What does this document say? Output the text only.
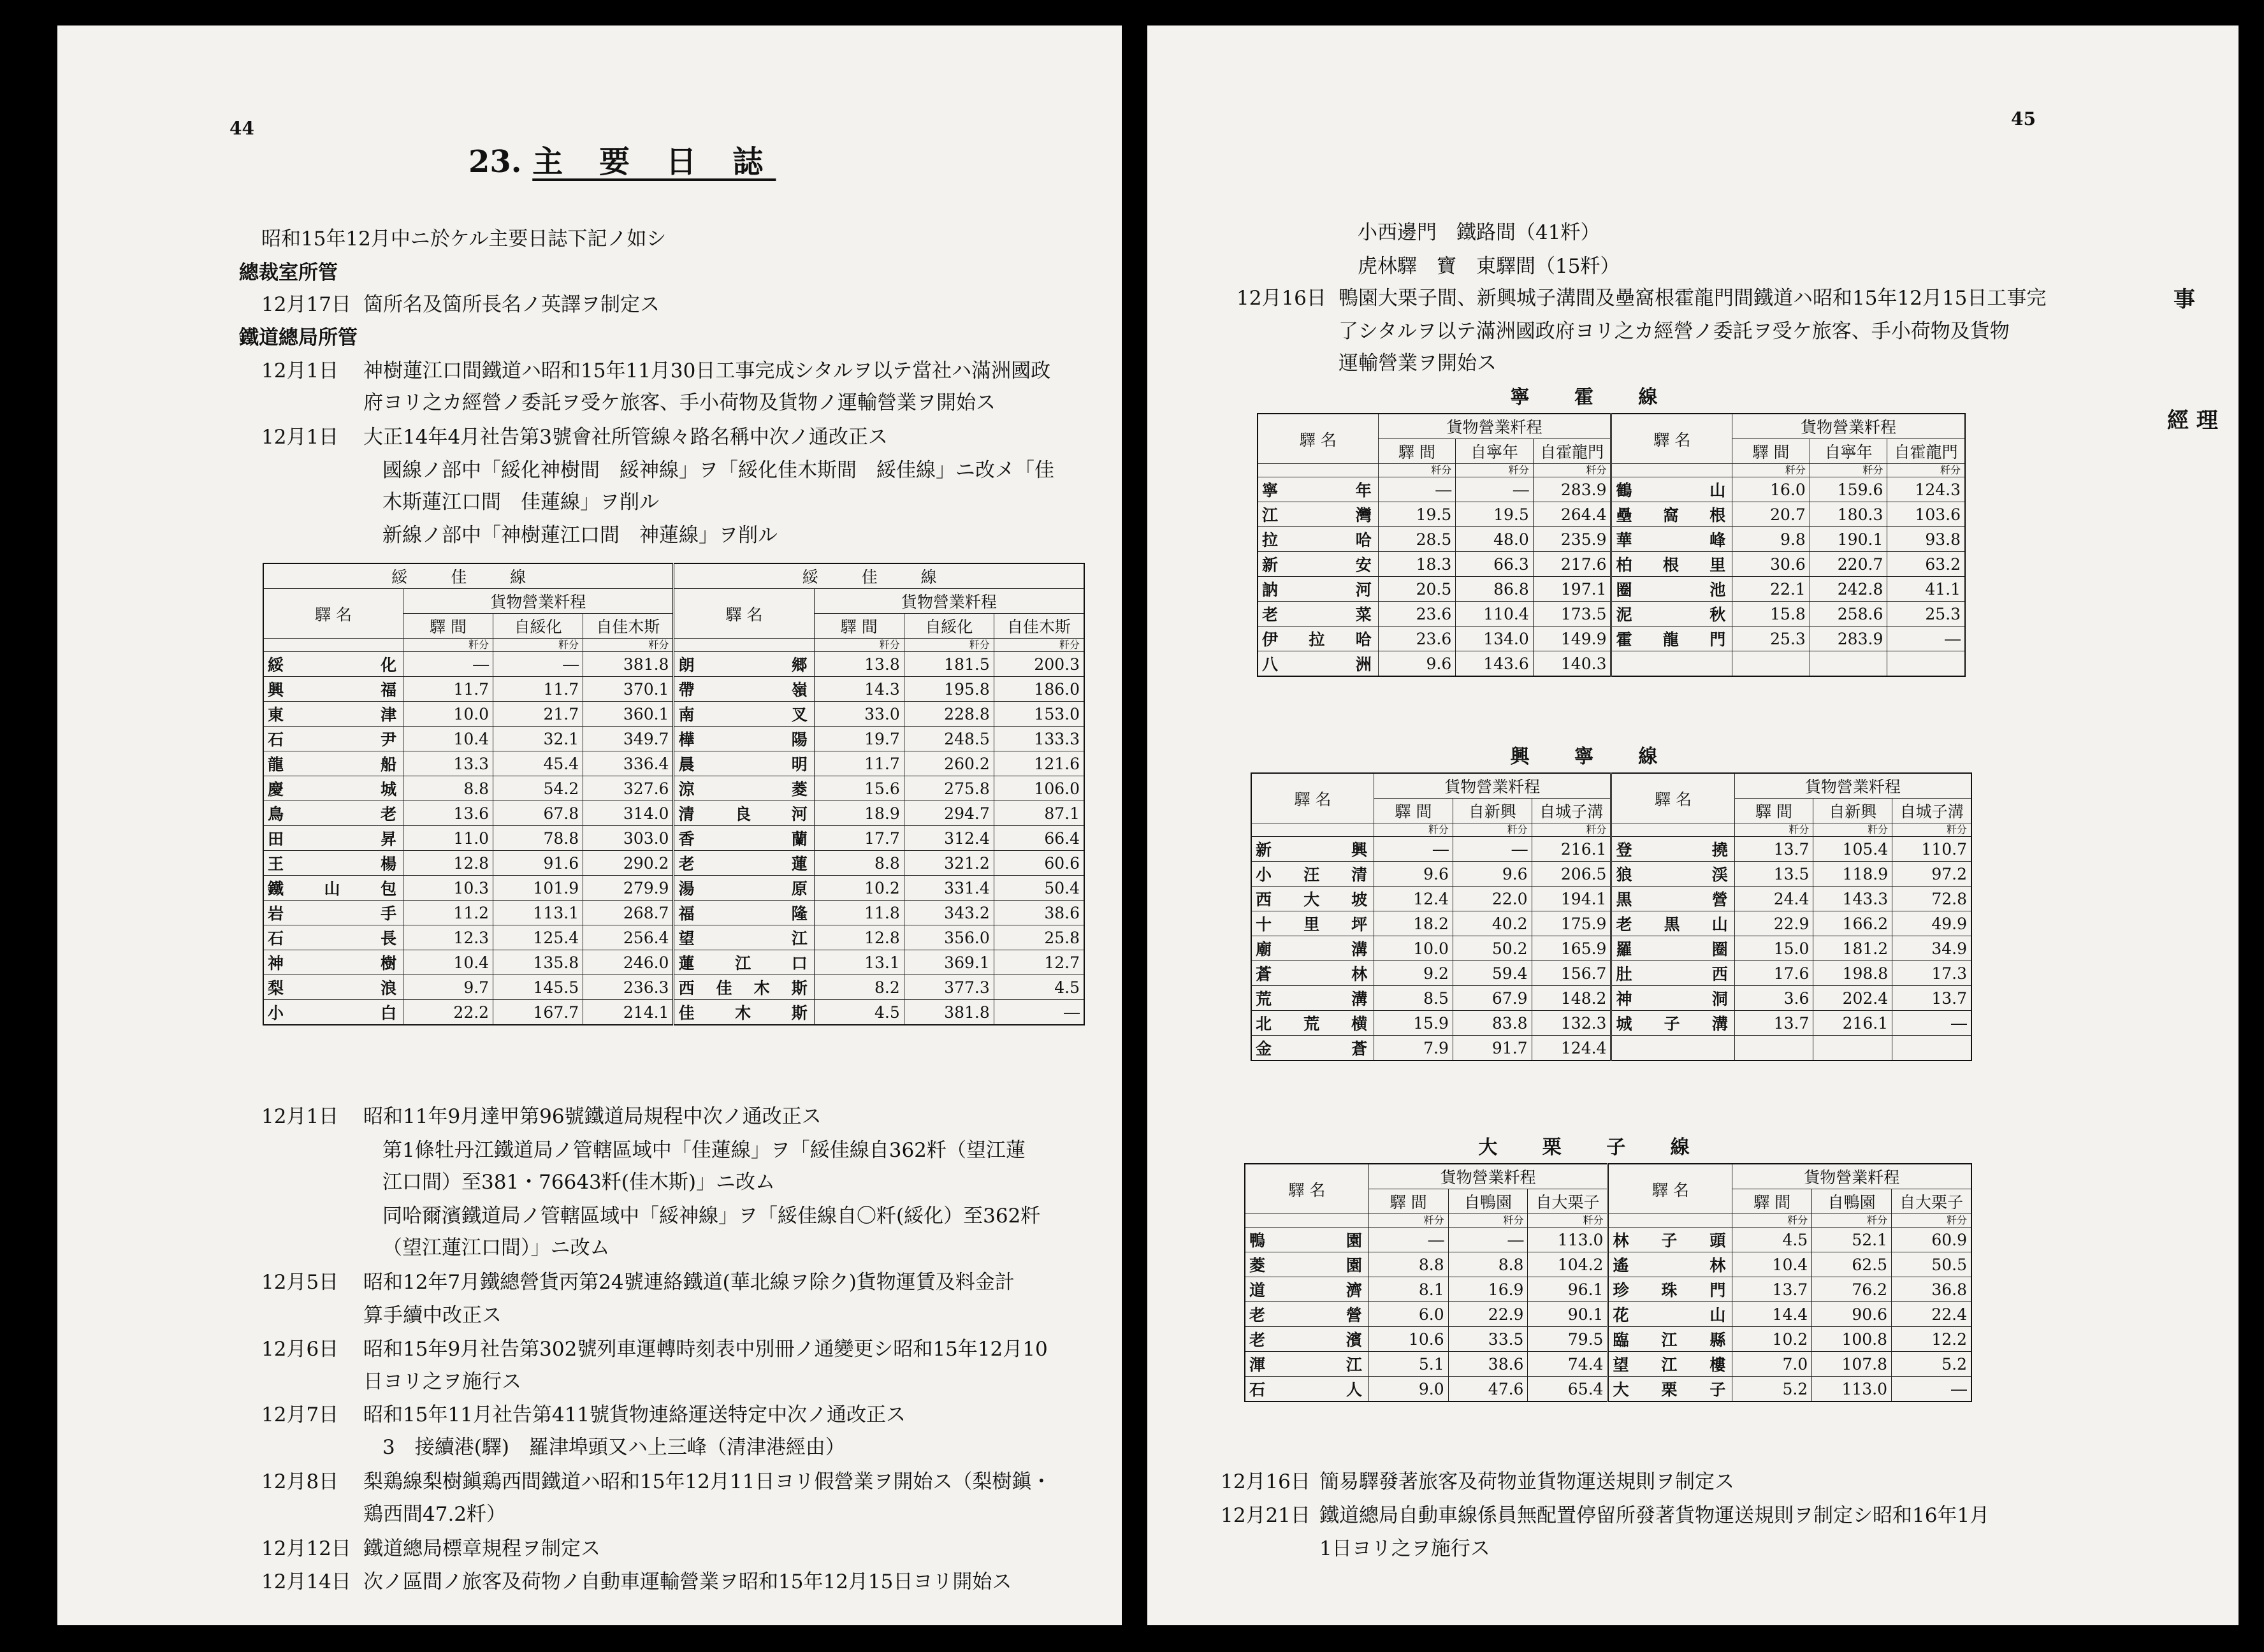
44
23. 主 要 日 誌
昭和15年12月中ニ於ケル主要日誌下記ノ如シ
總裁室所管
12月17日 箇所名及箇所長名ノ英譯ヲ制定ス
鐵道總局所管
12月1日 神樹蓮江口間鐵道ハ昭和15年11月30日工事完成シタルヲ以テ當社ハ滿洲國政
府ヨリ之カ經營ノ委託ヲ受ケ旅客、手小荷物及貨物ノ運輸營業ヲ開始ス
12月1日 大正14年4月社告第3號會社所管線々路名稱中次ノ通改正ス
國線ノ部中「綏化神樹間　綏神線」ヲ「綏化佳木斯間　綏佳線」ニ改メ「佳
木斯蓮江口間　佳蓮線」ヲ削ル
新線ノ部中「神樹蓮江口間　神蓮線」ヲ削ル
綏 佳 線				綏 佳 線			
驛 名	貨物營業粁程			驛 名	貨物營業粁程		
	驛 間	自綏化	自佳木斯		驛 間	自綏化	自佳木斯
	粁分	粁分	粁分		粁分	粁分	粁分
綏化	―	―	381.8	朗郷	13.8	181.5	200.3
興福	11.7	11.7	370.1	帶嶺	14.3	195.8	186.0
東津	10.0	21.7	360.1	南叉	33.0	228.8	153.0
石尹	10.4	32.1	349.7	樺陽	19.7	248.5	133.3
龍船	13.3	45.4	336.4	晨明	11.7	260.2	121.6
慶城	8.8	54.2	327.6	涼菱	15.6	275.8	106.0
鳥老	13.6	67.8	314.0	清良河	18.9	294.7	87.1
田昇	11.0	78.8	303.0	香蘭	17.7	312.4	66.4
王楊	12.8	91.6	290.2	老蓮	8.8	321.2	60.6
鐵山包	10.3	101.9	279.9	湯原	10.2	331.4	50.4
岩手	11.2	113.1	268.7	福隆	11.8	343.2	38.6
石長	12.3	125.4	256.4	望江	12.8	356.0	25.8
神樹	10.4	135.8	246.0	蓮江口	13.1	369.1	12.7
梨浪	9.7	145.5	236.3	西佳木斯	8.2	377.3	4.5
小白	22.2	167.7	214.1	佳木斯	4.5	381.8	―
12月1日 昭和11年9月達甲第96號鐵道局規程中次ノ通改正ス
第1條牡丹江鐵道局ノ管轄區域中「佳蓮線」ヲ「綏佳線自362粁（望江蓮
江口間）至381・76643粁(佳木斯)」ニ改ム
同哈爾濱鐵道局ノ管轄區域中「綏神線」ヲ「綏佳線自〇粁(綏化）至362粁
（望江蓮江口間）」ニ改ム
12月5日 昭和12年7月鐵總營貨丙第24號連絡鐵道(華北線ヲ除ク)貨物運賃及料金計
算手續中改正ス
12月6日 昭和15年9月社告第302號列車運轉時刻表中別冊ノ通變更シ昭和15年12月10
日ヨリ之ヲ施行ス
12月7日 昭和15年11月社告第411號貨物連絡運送特定中次ノ通改正ス
3　接續港(驛)　羅津埠頭又ハ上三峰（清津港經由）
12月8日 梨鶏線梨樹鎭鶏西間鐵道ハ昭和15年12月11日ヨリ假營業ヲ開始ス（梨樹鎭・
鶏西間47.2粁）
12月12日 鐵道總局標章規程ヲ制定ス
12月14日 次ノ區間ノ旅客及荷物ノ自動車運輸營業ヲ昭和15年12月15日ヨリ開始ス
45
事
經 理
小西邊門　鐵路間（41粁）
虎林驛　寶　東驛間（15粁）
12月16日 鴨園大栗子間、新興城子溝間及壘窩根霍龍門間鐵道ハ昭和15年12月15日工事完
了シタルヲ以テ滿洲國政府ヨリ之カ經營ノ委託ヲ受ケ旅客、手小荷物及貨物
運輸營業ヲ開始ス
寧 霍 線
驛 名	貨物營業粁程			驛 名	貨物營業粁程		
	驛 間	自寧年	自霍龍門		驛 間	自寧年	自霍龍門
	粁分	粁分	粁分		粁分	粁分	粁分
寧年	―	―	283.9	鶴山	16.0	159.6	124.3
江灣	19.5	19.5	264.4	壘窩根	20.7	180.3	103.6
拉哈	28.5	48.0	235.9	華峰	9.8	190.1	93.8
新安	18.3	66.3	217.6	柏根里	30.6	220.7	63.2
訥河	20.5	86.8	197.1	圈池	22.1	242.8	41.1
老菜	23.6	110.4	173.5	泥秋	15.8	258.6	25.3
伊拉哈	23.6	134.0	149.9	霍龍門	25.3	283.9	―
八洲	9.6	143.6	140.3				
興 寧 線
驛 名	貨物營業粁程			驛 名	貨物營業粁程		
	驛 間	自新興	自城子溝		驛 間	自新興	自城子溝
	粁分	粁分	粁分		粁分	粁分	粁分
新興	―	―	216.1	登撓	13.7	105.4	110.7
小汪清	9.6	9.6	206.5	狼渓	13.5	118.9	97.2
西大坡	12.4	22.0	194.1	黒營	24.4	143.3	72.8
十里坪	18.2	40.2	175.9	老黒山	22.9	166.2	49.9
廟溝	10.0	50.2	165.9	羅圈	15.0	181.2	34.9
蒼林	9.2	59.4	156.7	肚西	17.6	198.8	17.3
荒溝	8.5	67.9	148.2	神洞	3.6	202.4	13.7
北荒横	15.9	83.8	132.3	城子溝	13.7	216.1	―
金蒼	7.9	91.7	124.4				
大 栗 子 線
驛 名	貨物營業粁程			驛 名	貨物營業粁程		
	驛 間	自鴨園	自大栗子		驛 間	自鴨園	自大栗子
	粁分	粁分	粁分		粁分	粁分	粁分
鴨園	―	―	113.0	林子頭	4.5	52.1	60.9
菱園	8.8	8.8	104.2	遙林	10.4	62.5	50.5
道濟	8.1	16.9	96.1	珍珠門	13.7	76.2	36.8
老營	6.0	22.9	90.1	花山	14.4	90.6	22.4
老濱	10.6	33.5	79.5	臨江縣	10.2	100.8	12.2
渾江	5.1	38.6	74.4	望江樓	7.0	107.8	5.2
石人	9.0	47.6	65.4	大栗子	5.2	113.0	―
12月16日 簡易驛發著旅客及荷物並貨物運送規則ヲ制定ス
12月21日 鐵道總局自動車線係員無配置停留所發著貨物運送規則ヲ制定シ昭和16年1月
1日ヨリ之ヲ施行ス
